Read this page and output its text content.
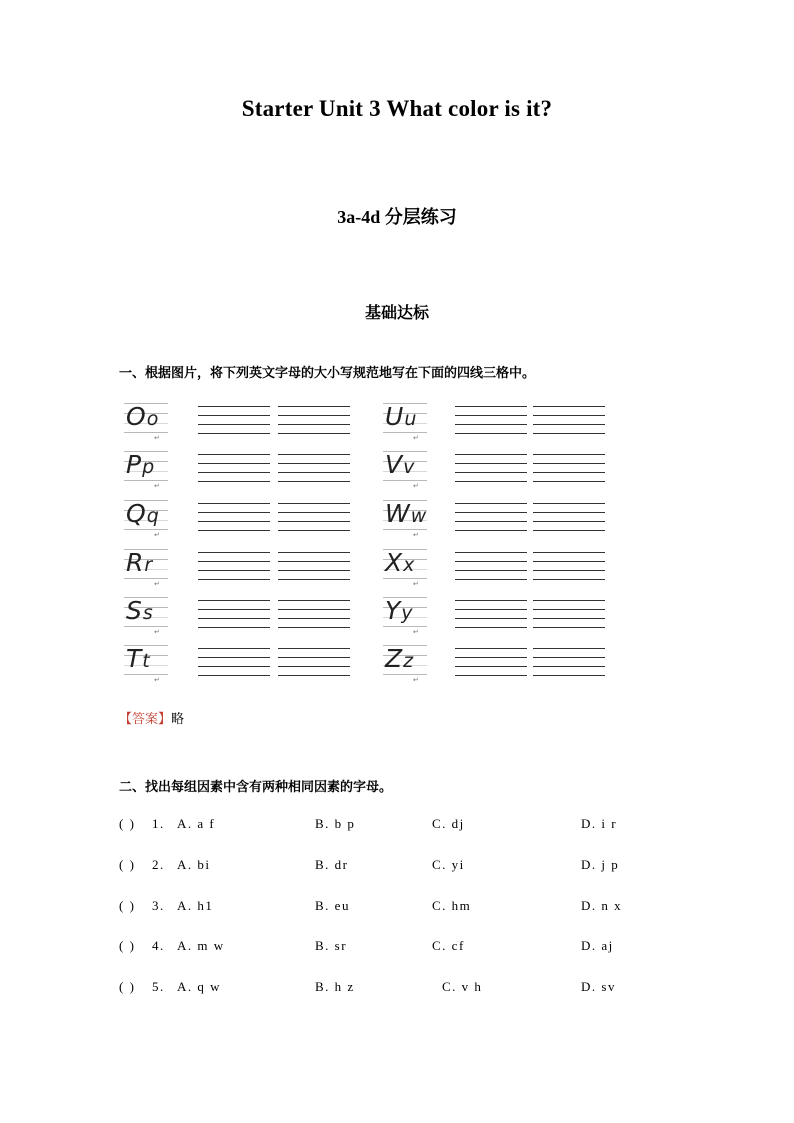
Starter Unit 3 What color is it?
3a-4d 分层练习
基础达标
一、根据图片，将下列英文字母的大小写规范地写在下面的四线三格中。
Oo
↵
Pp
↵
Qq
↵
Rr
↵
Ss
↵
Tt
↵
Uu
↵
Vv
↵
Ww
↵
Xx
↵
Yy
↵
Zz
↵
【答案】略
二、找出每组因素中含有两种相同因素的字母。
( ) 1. A. a f	B. b p	C. dj	D. i r
( ) 2. A. bi	B. dr	C. yi	D. j p
( ) 3. A. h1	B. eu	C. hm	D. n x
( ) 4. A. m w	B. sr	C. cf	D. aj
( ) 5. A. q w	B. h z	C. v h	D. sv
